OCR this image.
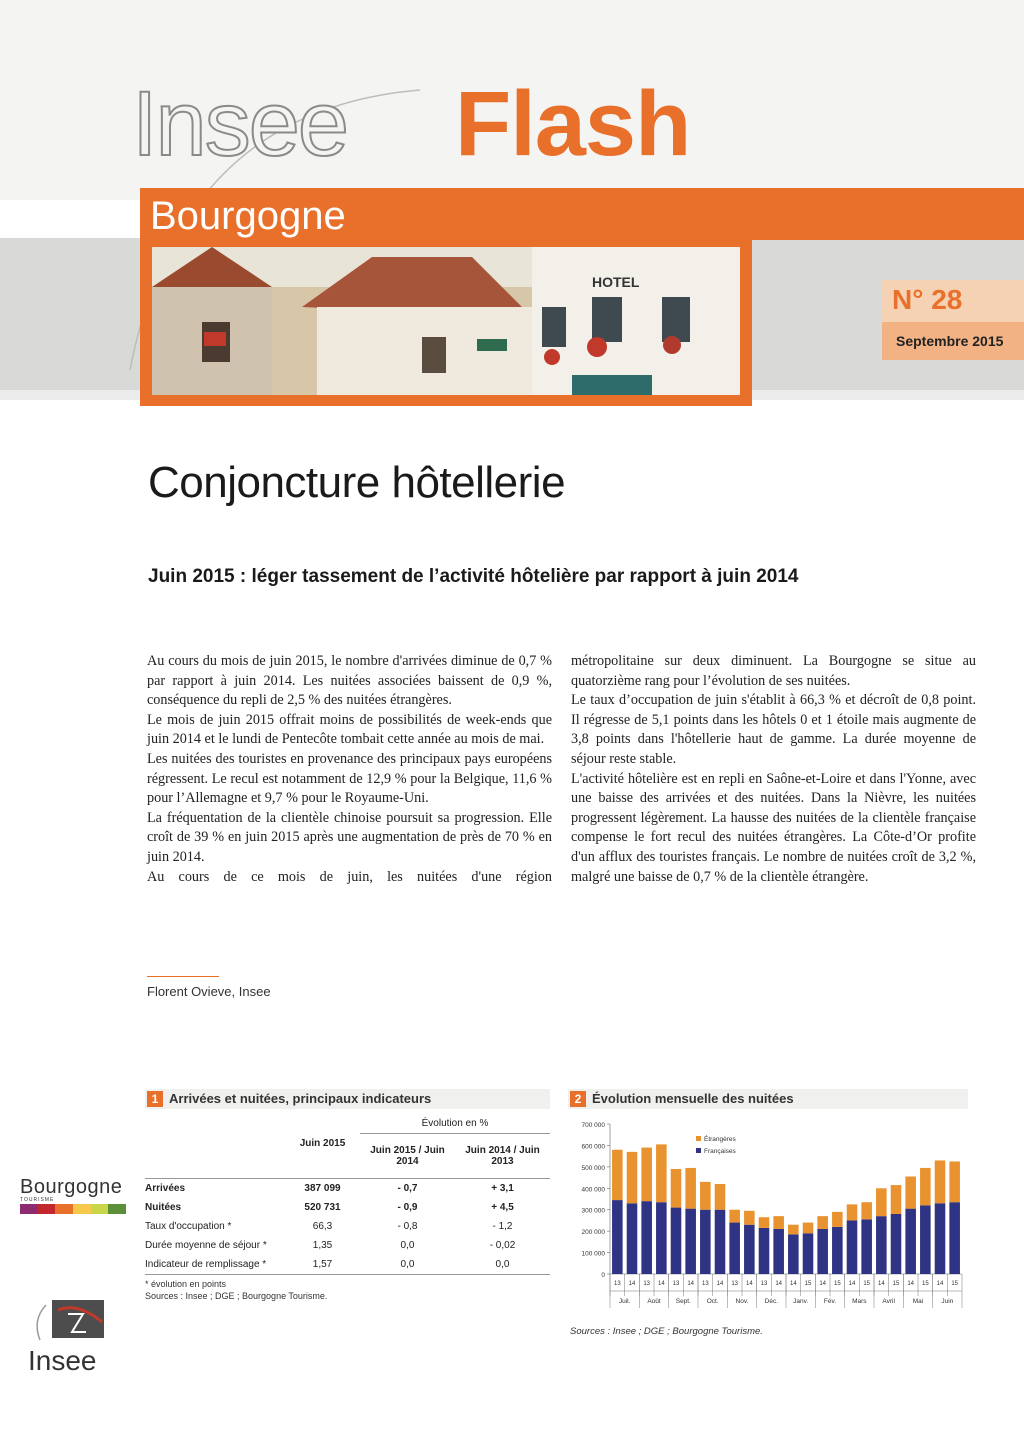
Insee Flash
Bourgogne
HOTEL
N° 28
Septembre 2015
Conjoncture hôtellerie
Juin 2015 : léger tassement de l’activité hôtelière par rapport à juin 2014

Au cours du mois de juin 2015, le nombre d'arrivées diminue de 0,7 % par rapport à juin 2014. Les nuitées associées baissent de 0,9 %, conséquence du repli de 2,5 % des nuitées étrangères.

Le mois de juin 2015 offrait moins de possibilités de week-ends que juin 2014 et le lundi de Pentecôte tombait cette année au mois de mai.

Les nuitées des touristes en provenance des principaux pays européens régressent. Le recul est notamment de 12,9 % pour la Belgique, 11,6 % pour l’Allemagne et 9,7 % pour le Royaume-Uni.

La fréquentation de la clientèle chinoise poursuit sa progression. Elle croît de 39 % en juin 2015 après une augmentation de près de 70 % en juin 2014.

Au cours de ce mois de juin, les nuitées d'une région

métropolitaine sur deux diminuent. La Bourgogne se situe au quatorzième rang pour l’évolution de ses nuitées.

Le taux d’occupation de juin s'établit à 66,3 % et décroît de 0,8 point. Il régresse de 5,1 points dans les hôtels 0 et 1 étoile mais augmente de 3,8 points dans l'hôtellerie haut de gamme. La durée moyenne de séjour reste stable.

L'activité hôtelière est en repli en Saône-et-Loire et dans l'Yonne, avec une baisse des arrivées et des nuitées. Dans la Nièvre, les nuitées progressent légèrement. La hausse des nuitées de la clientèle française compense le fort recul des nuitées étrangères. La Côte-d’Or profite d'un afflux des touristes français. Le nombre de nuitées croît de 3,2 %, malgré une baisse de 0,7 % de la clientèle étrangère.

Florent Ovieve, Insee
1 Arrivées et nuitées, principaux indicateurs
		Évolution en %	
	Juin 2015	Juin 2015 / Juin 2014	Juin 2014 / Juin 2013
Arrivées	387 099	- 0,7	+ 3,1
Nuitées	520 731	- 0,9	+ 4,5
Taux d'occupation *	66,3	- 0,8	- 1,2
Durée moyenne de séjour *	1,35	0,0	- 0,02
Indicateur de remplissage *	1,57	0,0	0,0
* évolution en points
Sources : Insee ; DGE ; Bourgogne Tourisme.
2 Évolution mensuelle des nuitées
0
100 000
200 000
300 000
400 000
500 000
600 000
700 000
13 14 13 14 13 14 13 14 13 14 13 14 14 15 14 15 14 15 14 15 14 15 14 15
Juil.	Août Sept. Oct.	Nov. Déc. Janv. Fév. Mars Avril	Mai	Juin
Étrangères
Françaises
Sources : Insee ; DGE ; Bourgogne Tourisme.
Bourgogne
TOURISME
Insee
